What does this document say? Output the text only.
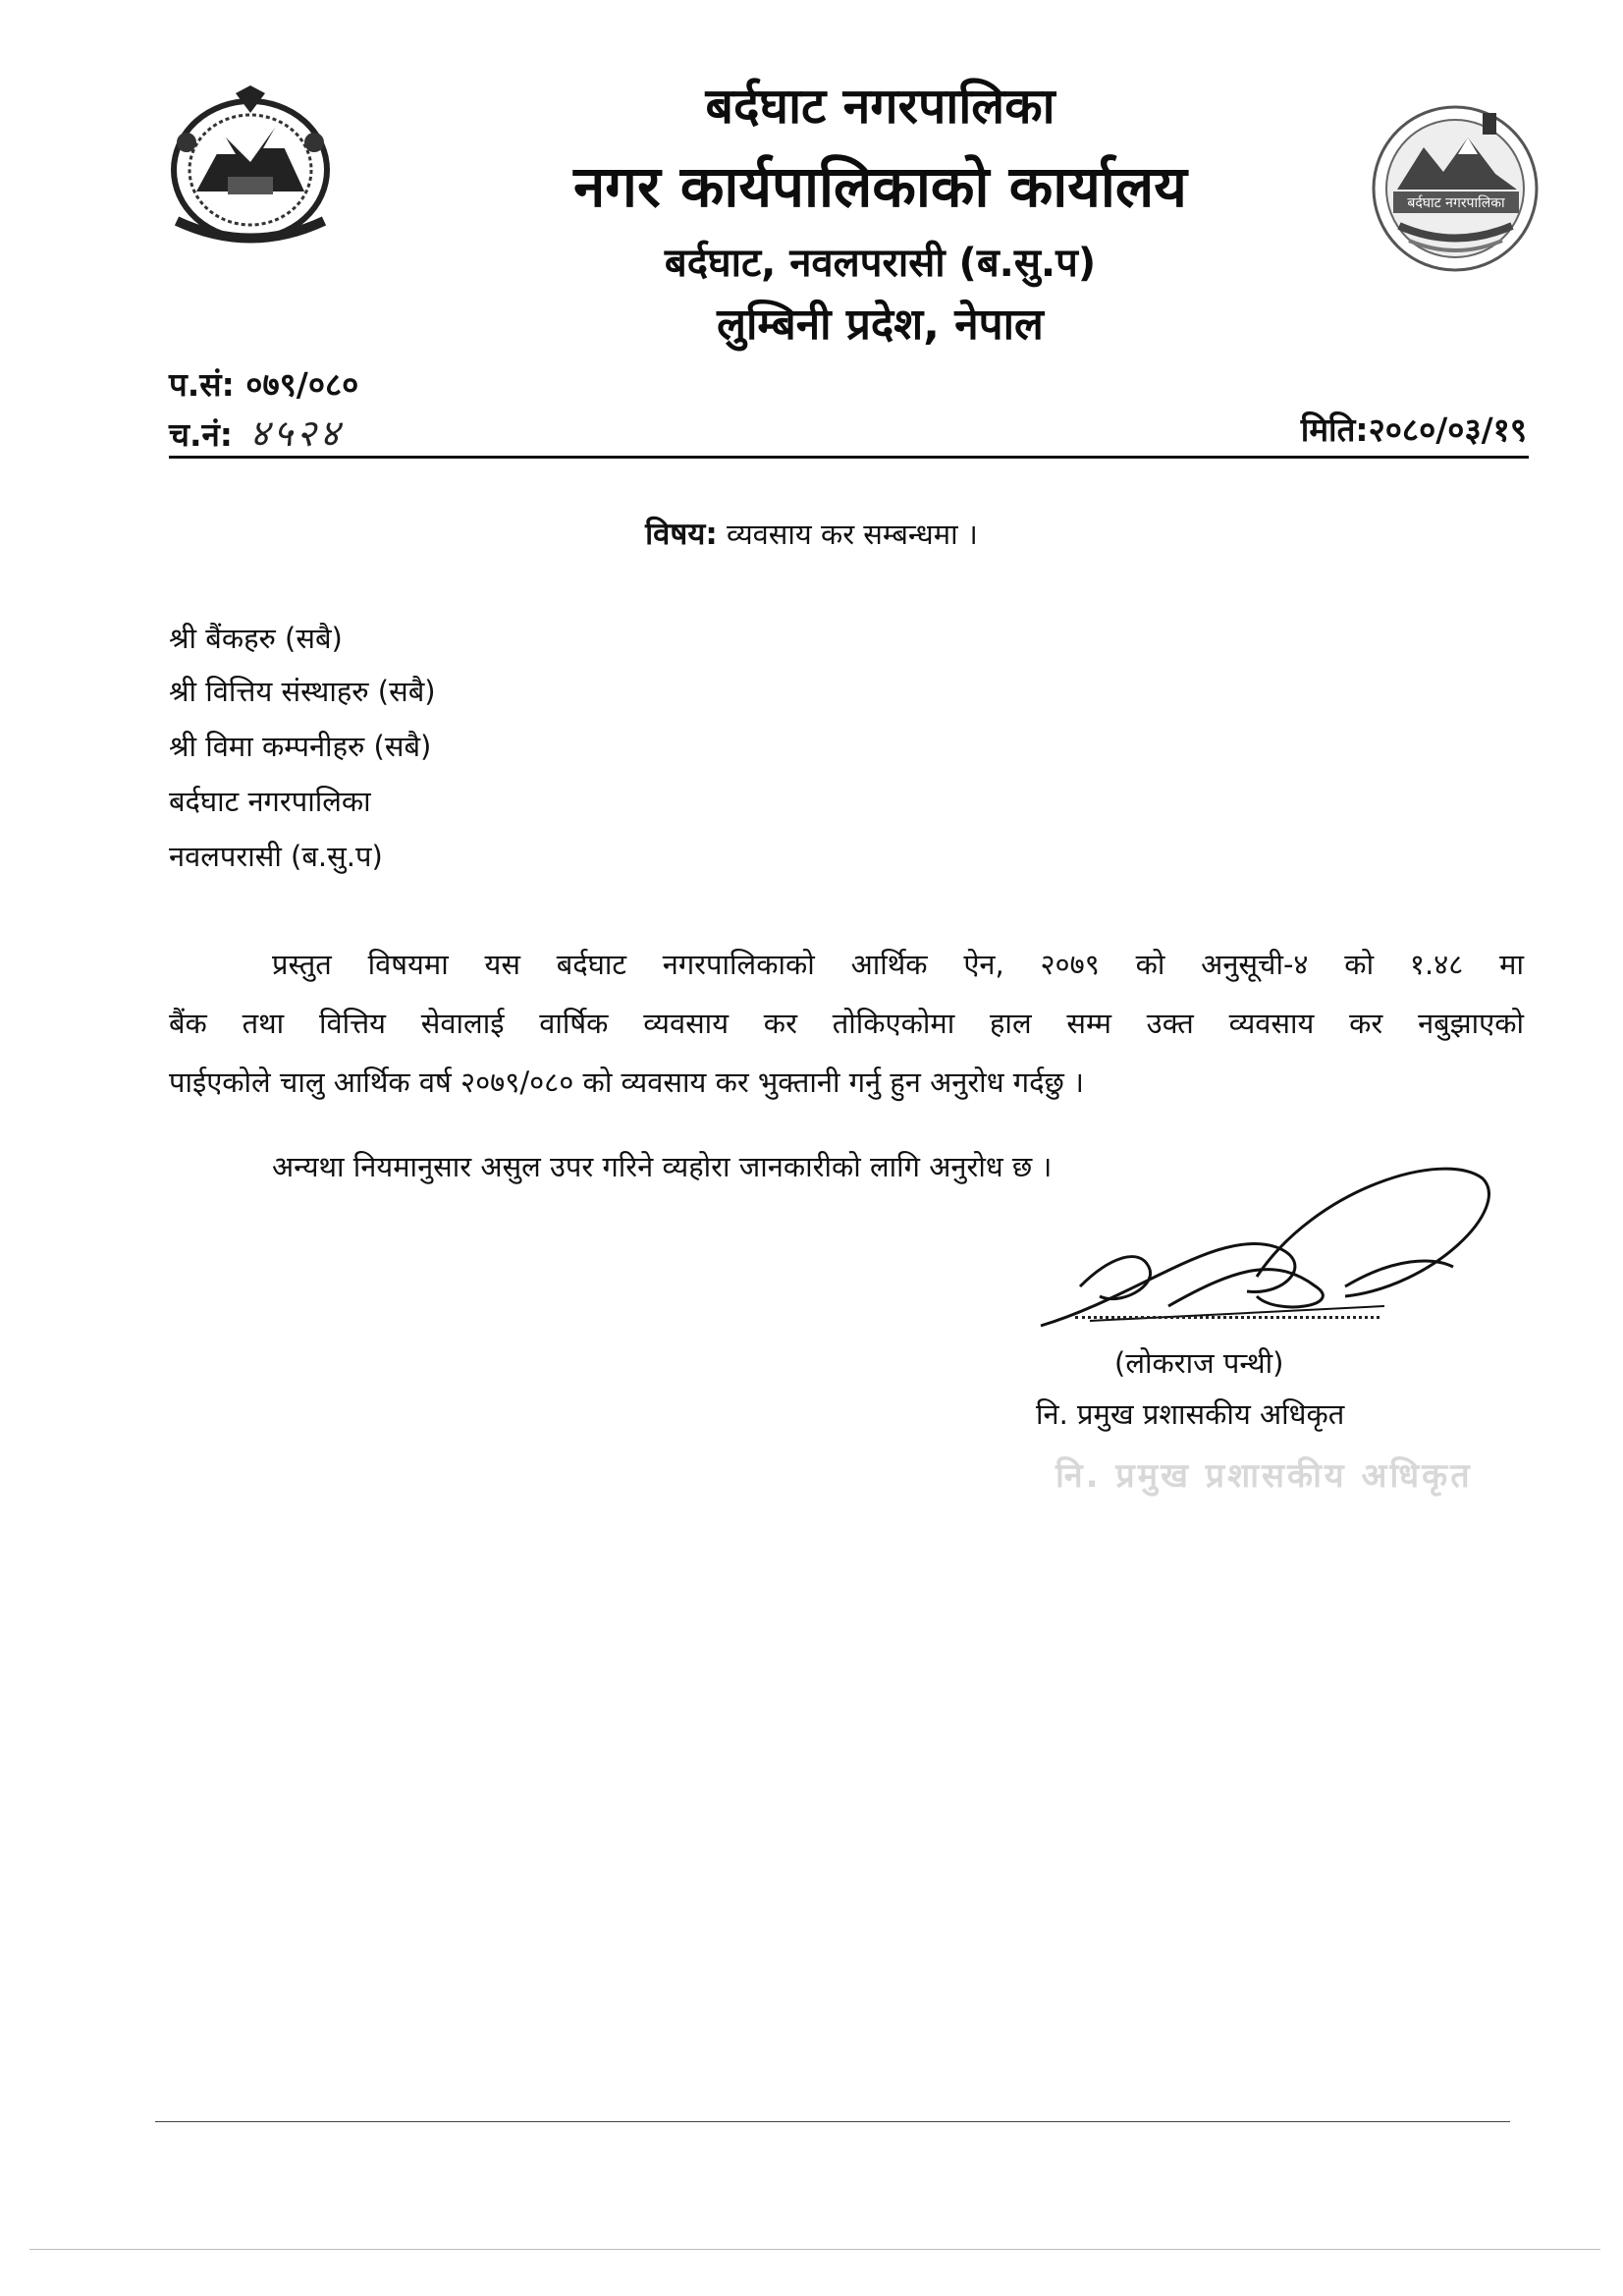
बर्दघाट नगरपालिका
बर्दघाट नगरपालिका
नगर कार्यपालिकाको कार्यालय
बर्दघाट, नवलपरासी (ब.सु.प)
लुम्बिनी प्रदेश, नेपाल
प.सं: ०७९/०८०
च.नं: ४५२४	मिति:२०८०/०३/१९
विषय: व्यवसाय कर सम्बन्धमा ।
श्री बैंकहरु (सबै)
श्री वित्तिय संस्थाहरु (सबै)
श्री विमा कम्पनीहरु (सबै)
बर्दघाट नगरपालिका
नवलपरासी (ब.सु.प)
प्रस्तुत विषयमा यस बर्दघाट नगरपालिकाको आर्थिक ऐन, २०७९ को अनुसूची-४ को १.४८ मा
बैंक तथा वित्तिय सेवालाई वार्षिक व्यवसाय कर तोकिएकोमा हाल सम्म उक्त व्यवसाय कर नबुझाएको
पाईएकोले चालु आर्थिक वर्ष २०७९/०८० को व्यवसाय कर भुक्तानी गर्नु हुन अनुरोध गर्दछु ।
अन्यथा नियमानुसार असुल उपर गरिने व्यहोरा जानकारीको लागि अनुरोध छ ।
(लोकराज पन्थी)
नि. प्रमुख प्रशासकीय अधिकृत
नि. प्रमुख प्रशासकीय अधिकृत
